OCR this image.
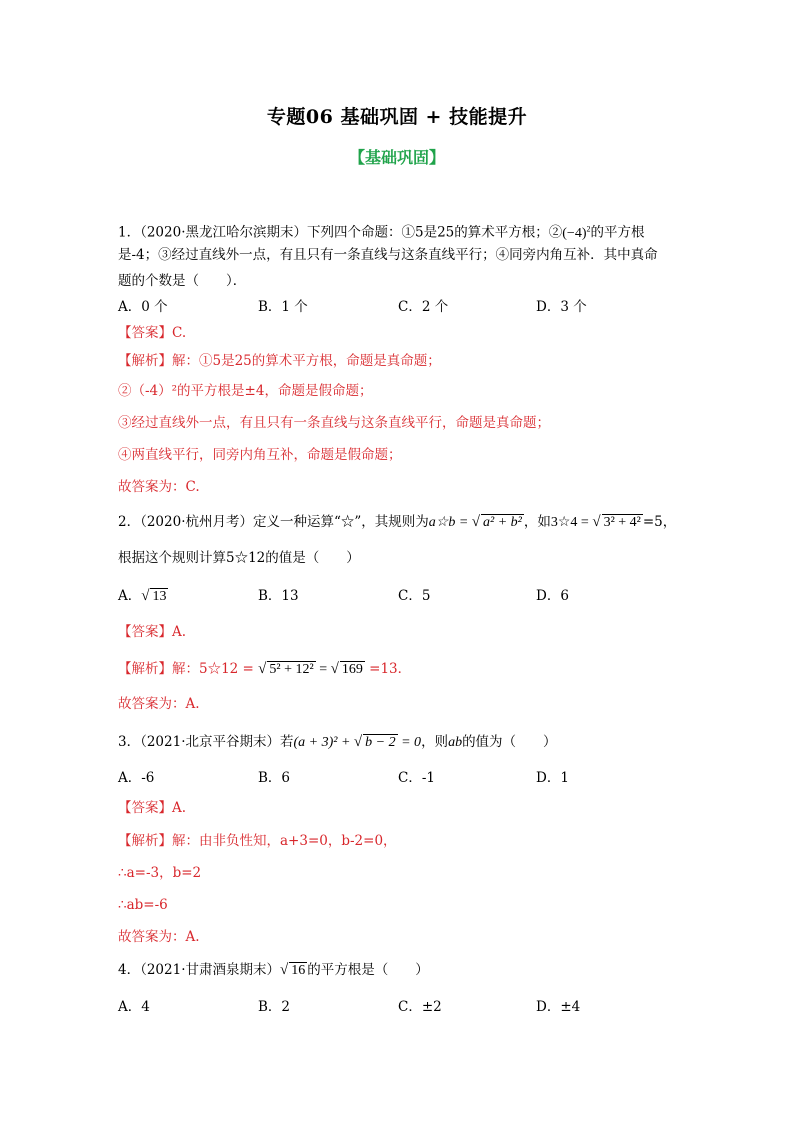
专题06 基础巩固 + 技能提升
【基础巩固】
1．（2020·黑龙江哈尔滨期末）下列四个命题：①5是25的算术平方根；$②(-4)^2$的平方根
是-4；③经过直线外一点，有且只有一条直线与这条直线平行；④同旁内角互补．其中真命
题的个数是（　　）．
A．0 个	B．1 个	C．2 个	D．3 个
【答案】C.
【解析】解：①5是25的算术平方根，命题是真命题；
②（-4）²的平方根是±4，命题是假命题；
③经过直线外一点，有且只有一条直线与这条直线平行，命题是真命题；
④两直线平行，同旁内角互补，命题是假命题；
故答案为：C.
2．（2020·杭州月考）定义一种运算“☆”，其规则为a☆b = √ a² + b² ，如3☆4 = √ 3² + 4² =5，
根据这个规则计算5☆12的值是（　　）
A．√ 13	B．13	C．5	D．6
【答案】A.
【解析】解：5☆12 = √ 5² + 12² = √ 169 =13．
故答案为：A.
3．（2021·北京平谷期末）若(a + 3)² + √ b − 2 = 0，则ab的值为（　　）
A．-6	B．6	C．-1	D．1
【答案】A.
【解析】解：由非负性知，a+3=0，b-2=0，
∴a=-3，b=2
∴ab=-6
故答案为：A.
4．（2021·甘肃酒泉期末）√ 16 的平方根是（　　）
A．4	B．2	C．±2	D．±4
